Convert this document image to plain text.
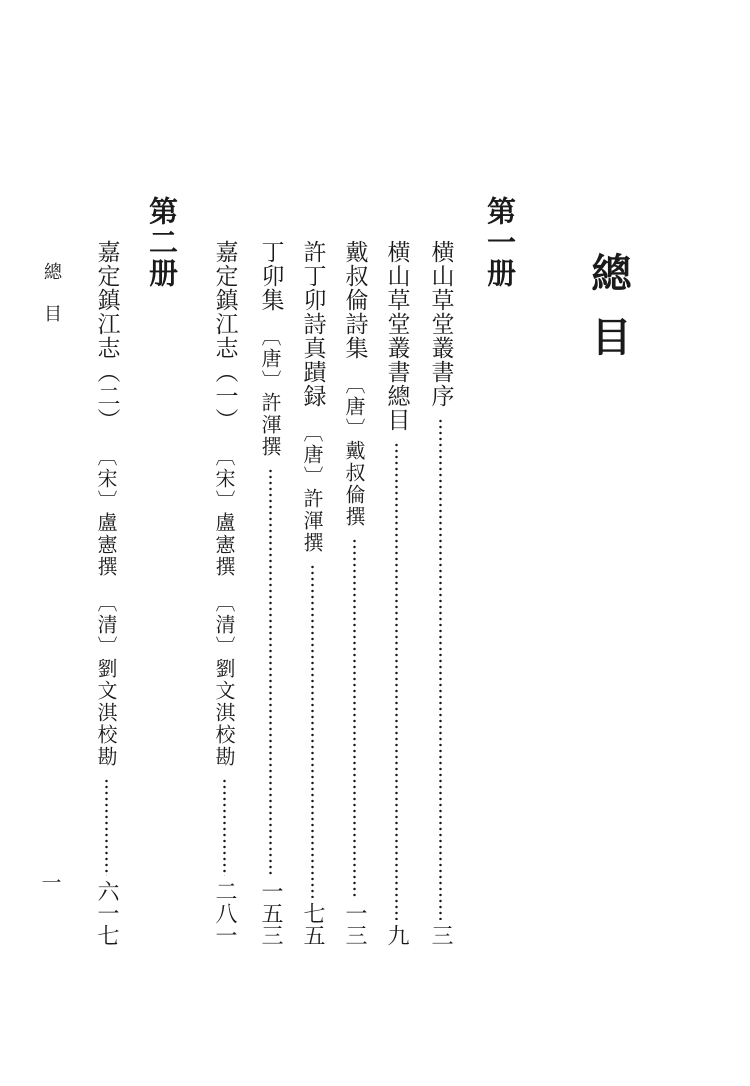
總目
第一册
横山草堂叢書序
三
横山草堂叢書總目
九
戴叔倫詩集
〔唐〕戴叔倫撰
一三
許丁卯詩真蹟録
〔唐〕許渾撰
七五
丁卯集
〔唐〕許渾撰
一五三
嘉定鎮江志（一）
〔宋〕盧憲撰
〔清〕劉文淇校勘
二八一
第二册
嘉定鎮江志（二）
〔宋〕盧憲撰
〔清〕劉文淇校勘
六一七
總目
一
